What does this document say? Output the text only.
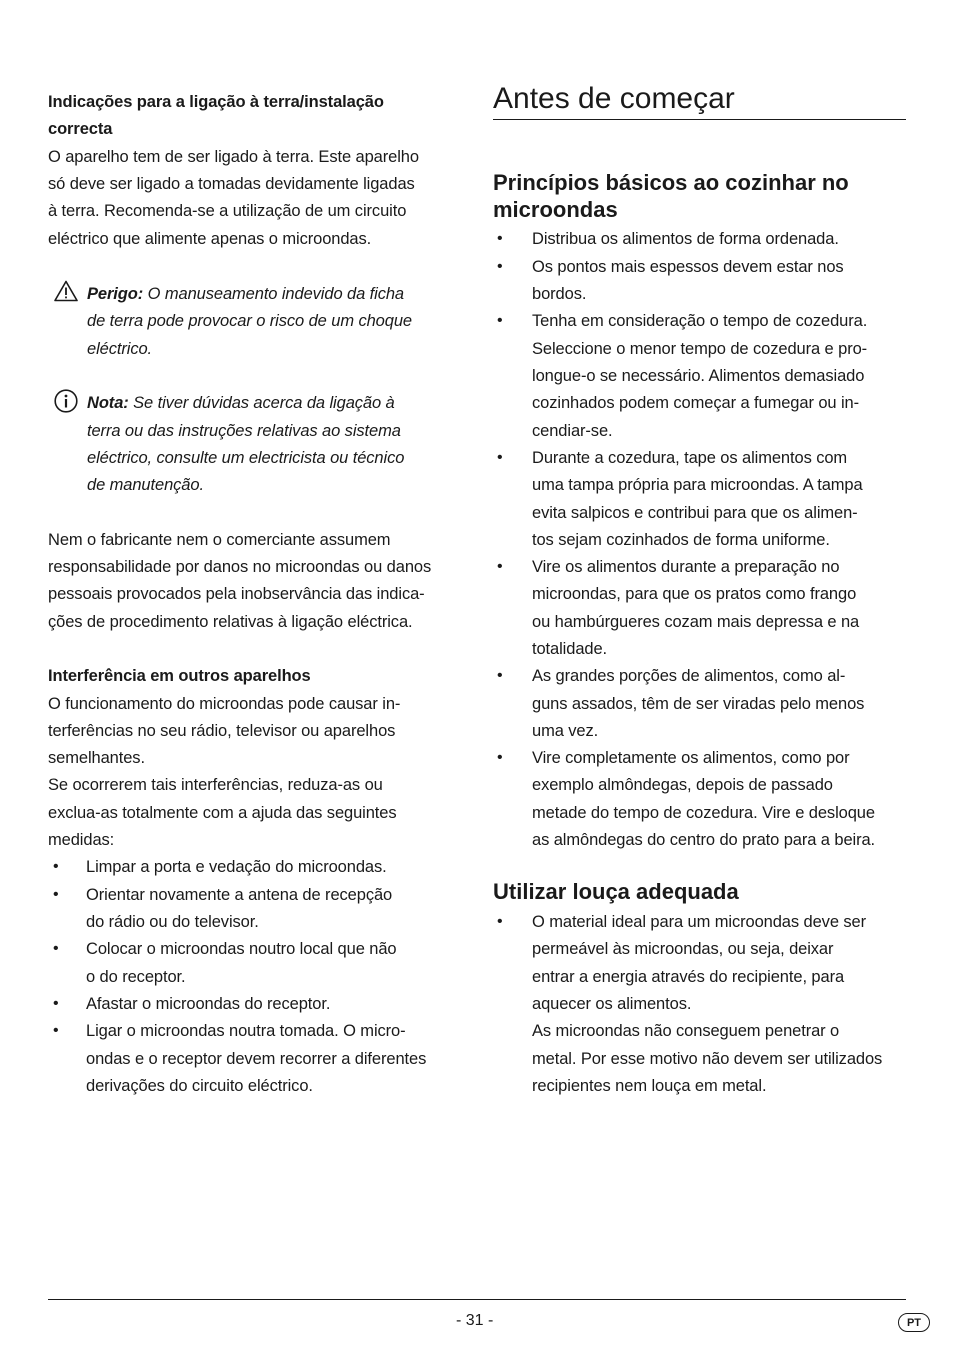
Indicações para a ligação à terra/instalação
correcta
O aparelho tem de ser ligado à terra. Este aparelho
só deve ser ligado a tomadas devidamente ligadas
à terra. Recomenda-se a utilização de um circuito
eléctrico que alimente apenas o microondas.
Perigo: O manuseamento indevido da ficha
de terra pode provocar o risco de um choque
eléctrico.
Nota: Se tiver dúvidas acerca da ligação à
terra ou das instruções relativas ao sistema
eléctrico, consulte um electricista ou técnico
de manutenção.
Nem o fabricante nem o comerciante assumem
responsabilidade por danos no microondas ou danos
pessoais provocados pela inobservância das indica-
ções de procedimento relativas à ligação eléctrica.
Interferência em outros aparelhos
O funcionamento do microondas pode causar in-
terferências no seu rádio, televisor ou aparelhos
semelhantes.
Se ocorrerem tais interferências, reduza-as ou
exclua-as totalmente com a ajuda das seguintes
medidas:
• Limpar a porta e vedação do microondas.
• Orientar novamente a antena de recepção
do rádio ou do televisor.
• Colocar o microondas noutro local que não
o do receptor.
• Afastar o microondas do receptor.
• Ligar o microondas noutra tomada. O micro-
ondas e o receptor devem recorrer a diferentes
derivações do circuito eléctrico.
Antes de começar
Princípios básicos ao cozinhar no
microondas
• Distribua os alimentos de forma ordenada.
• Os pontos mais espessos devem estar nos
bordos.
• Tenha em consideração o tempo de cozedura.
Seleccione o menor tempo de cozedura e pro-
longue-o se necessário. Alimentos demasiado
cozinhados podem começar a fumegar ou in-
cendiar-se.
• Durante a cozedura, tape os alimentos com
uma tampa própria para microondas. A tampa
evita salpicos e contribui para que os alimen-
tos sejam cozinhados de forma uniforme.
• Vire os alimentos durante a preparação no
microondas, para que os pratos como frango
ou hambúrgueres cozam mais depressa e na
totalidade.
• As grandes porções de alimentos, como al-
guns assados, têm de ser viradas pelo menos
uma vez.
• Vire completamente os alimentos, como por
exemplo almôndegas, depois de passado
metade do tempo de cozedura. Vire e desloque
as almôndegas do centro do prato para a beira.
Utilizar louça adequada
• O material ideal para um microondas deve ser
permeável às microondas, ou seja, deixar
entrar a energia através do recipiente, para
aquecer os alimentos.
As microondas não conseguem penetrar o
metal. Por esse motivo não devem ser utilizados
recipientes nem louça em metal.
- 31 -	PT
